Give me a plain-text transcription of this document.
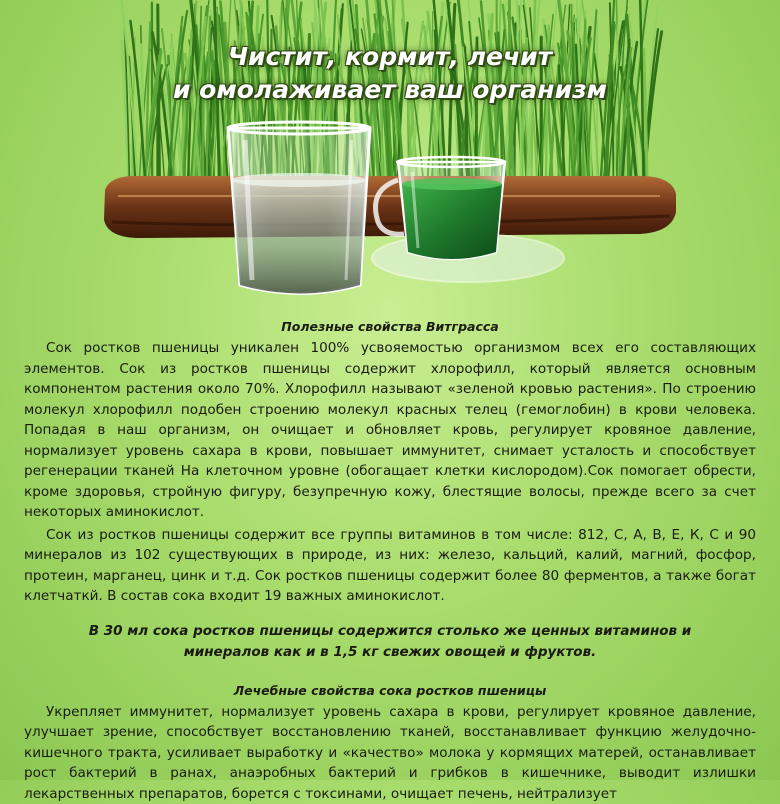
Чистит, кормит, лечит
и омолаживает ваш организм
Полезные свойства Витграсса

Сок ростков пшеницы уникален 100% усвояемостью организмом всех его составляющих элементов. Сок из ростков пшеницы содержит хлорофилл, который является основным компонентом растения около 70%. Хлорофилл называют «зеленой кровью растения». По строению молекул хлорофилл подобен строению молекул красных телец (гемоглобин) в крови человека. Попадая в наш организм, он очищает и обновляет кровь, регулирует кровяное давление, нормализует уровень сахара в крови, повышает иммунитет, снимает усталость и способствует регенерации тканей На клеточном уровне (обогащает клетки кислородом).Сок помогает обрести, кроме здоровья, стройную фигуру, безупречную кожу, блестящие волосы, прежде всего за счет некоторых аминокислот.

Сок из ростков пшеницы содержит все группы витаминов в том числе: 812, С, А, В, Е, К, С и 90 минералов из 102 существующих в природе, из них: железо, кальций, калий, магний, фосфор, протеин, марганец, цинк и т.д. Сок ростков пшеницы содержит более 80 ферментов, а также богат клетчаткй. В состав сока входит 19 важных аминокислот.

В 30 мл сока ростков пшеницы содержится столько же ценных витаминов и
минералов как и в 1,5 кг свежих овощей и фруктов.
Лечебные свойства сока ростков пшеницы

Укрепляет иммунитет, нормализует уровень сахара в крови, регулирует кровяное давление, улучшает зрение, способствует восстановлению тканей, восстанавливает функцию желудочно-кишечного тракта, усиливает выработку и «качество» молока у кормящих матерей, останавливает рост бактерий в ранах, анаэробных бактерий и грибков в кишечнике, выводит излишки лекарственных препаратов, борется с токсинами, очищает печень, нейтрализует
